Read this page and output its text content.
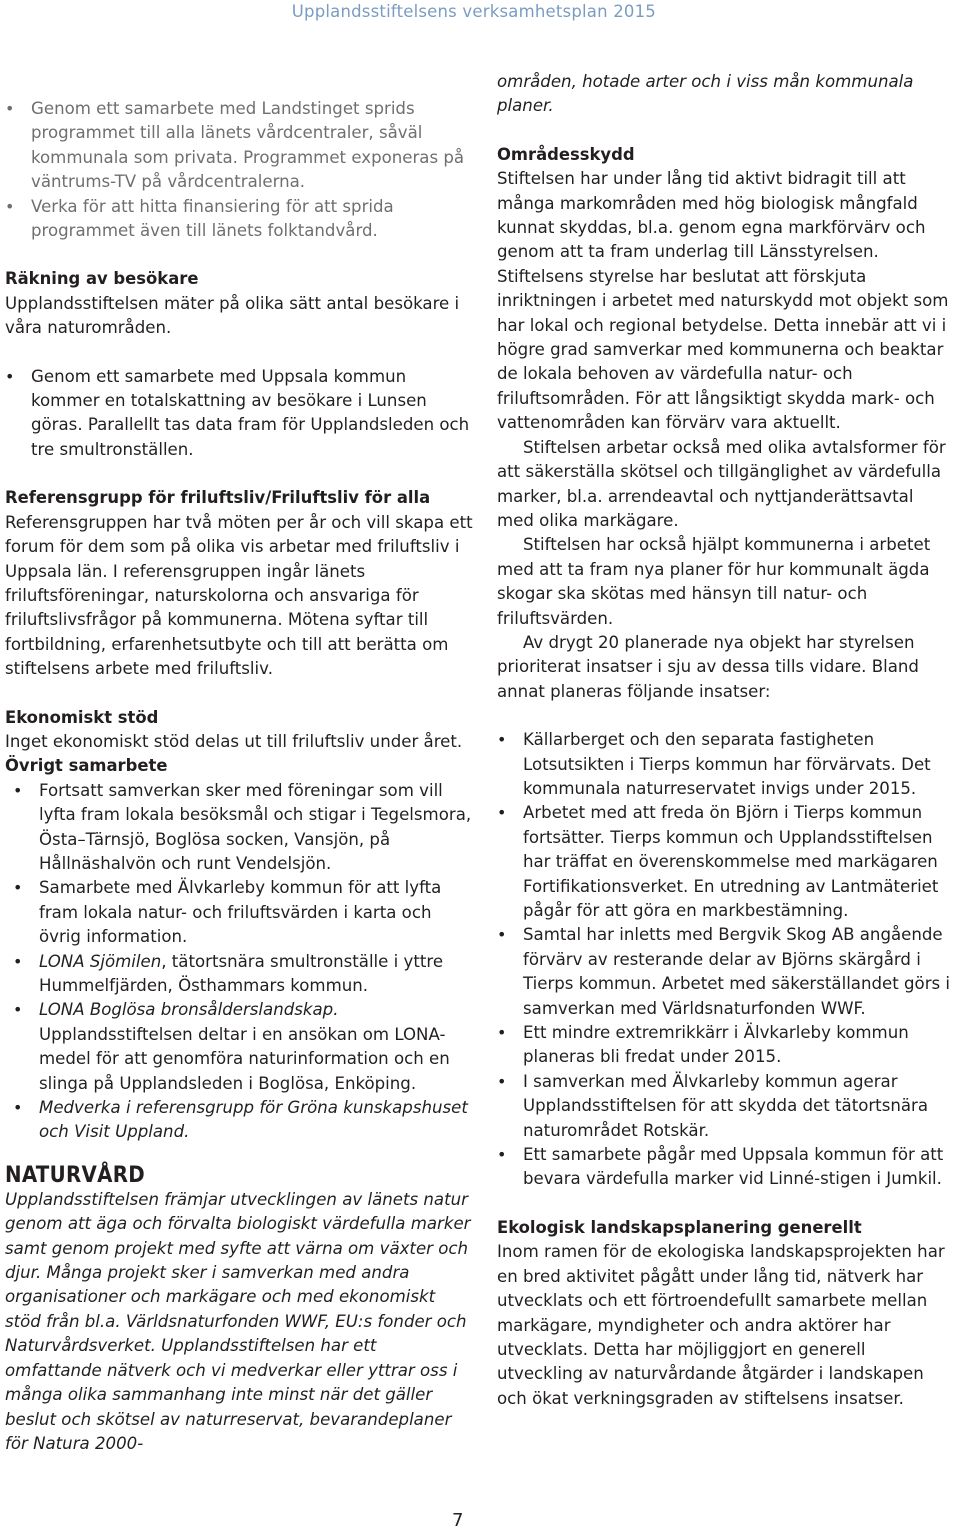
Upplandsstiftelsens verksamhetsplan 2015
• Genom ett samarbete med Landstinget sprids programmet till alla länets vårdcentraler, såväl kommunala som privata. Programmet exponeras på väntrums-TV på vårdcentralerna.
• Verka för att hitta finansiering för att sprida programmet även till länets folktandvård.

Räkning av besökare

Upplandsstiftelsen mäter på olika sätt antal besökare i våra naturområden.

• Genom ett samarbete med Uppsala kommun kommer en totalskattning av besökare i Lunsen göras. Parallellt tas data fram för Upplandsleden och tre smultronställen.

Referensgrupp för friluftsliv/Friluftsliv för alla

Referensgruppen har två möten per år och vill skapa ett forum för dem som på olika vis arbetar med friluftsliv i Uppsala län. I referensgruppen ingår länets friluftsföreningar, naturskolorna och ansvariga för friluftslivsfrågor på kommunerna. Mötena syftar till fortbildning, erfarenhetsutbyte och till att berätta om stiftelsens arbete med friluftsliv.

Ekonomiskt stöd

Inget ekonomiskt stöd delas ut till friluftsliv under året.

Övrigt samarbete

• Fortsatt samverkan sker med föreningar som vill lyfta fram lokala besöksmål och stigar i Tegelsmora, Östa–Tärnsjö, Boglösa socken, Vansjön, på Hållnäshalvön och runt Vendelsjön.
• Samarbete med Älvkarleby kommun för att lyfta fram lokala natur- och friluftsvärden i karta och övrig information.
• LONA Sjömilen, tätortsnära smultronställe i yttre Hummelfjärden, Östhammars kommun.
• LONA Boglösa bronsålderslandskap. Upplandsstiftelsen deltar i en ansökan om LONA-medel för att genomföra naturinformation och en slinga på Upplandsleden i Boglösa, Enköping.
• Medverka i referensgrupp för Gröna kunskapshuset och Visit Uppland.

NATURVÅRD

Upplandsstiftelsen främjar utvecklingen av länets natur genom att äga och förvalta biologiskt värdefulla marker samt genom projekt med syfte att värna om växter och djur. Många projekt sker i samverkan med andra organisationer och markägare och med ekonomiskt stöd från bl.a. Världsnaturfonden WWF, EU:s fonder och Naturvårdsverket. Upplandsstiftelsen har ett omfattande nätverk och vi medverkar eller yttrar oss i många olika sammanhang inte minst när det gäller beslut och skötsel av naturreservat, bevarandeplaner för Natura 2000-

områden, hotade arter och i viss mån kommunala planer.

Områdesskydd

Stiftelsen har under lång tid aktivt bidragit till att många markområden med hög biologisk mångfald kunnat skyddas, bl.a. genom egna markförvärv och genom att ta fram underlag till Länsstyrelsen. Stiftelsens styrelse har beslutat att förskjuta inriktningen i arbetet med naturskydd mot objekt som har lokal och regional betydelse. Detta innebär att vi i högre grad samverkar med kommunerna och beaktar de lokala behoven av värdefulla natur- och friluftsområden. För att långsiktigt skydda mark- och vattenområden kan förvärv vara aktuellt.

Stiftelsen arbetar också med olika avtalsformer för att säkerställa skötsel och tillgänglighet av värdefulla marker, bl.a. arrendeavtal och nyttjanderättsavtal med olika markägare.

Stiftelsen har också hjälpt kommunerna i arbetet med att ta fram nya planer för hur kommunalt ägda skogar ska skötas med hänsyn till natur- och friluftsvärden.

Av drygt 20 planerade nya objekt har styrelsen prioriterat insatser i sju av dessa tills vidare. Bland annat planeras följande insatser:

• Källarberget och den separata fastigheten Lotsutsikten i Tierps kommun har förvärvats. Det kommunala naturreservatet invigs under 2015.
• Arbetet med att freda ön Björn i Tierps kommun fortsätter. Tierps kommun och Upplandsstiftelsen har träffat en överenskommelse med markägaren Fortifikationsverket. En utredning av Lantmäteriet pågår för att göra en markbestämning.
• Samtal har inletts med Bergvik Skog AB angående förvärv av resterande delar av Björns skärgård i Tierps kommun. Arbetet med säkerställandet görs i samverkan med Världsnaturfonden WWF.
• Ett mindre extremrikkärr i Älvkarleby kommun planeras bli fredat under 2015.
• I samverkan med Älvkarleby kommun agerar Upplandsstiftelsen för att skydda det tätortsnära naturområdet Rotskär.
• Ett samarbete pågår med Uppsala kommun för att bevara värdefulla marker vid Linné-stigen i Jumkil.

Ekologisk landskapsplanering generellt

Inom ramen för de ekologiska landskapsprojekten har en bred aktivitet pågått under lång tid, nätverk har utvecklats och ett förtroendefullt samarbete mellan markägare, myndigheter och andra aktörer har utvecklats. Detta har möjliggjort en generell utveckling av naturvårdande åtgärder i landskapen och ökat verkningsgraden av stiftelsens insatser.

7
